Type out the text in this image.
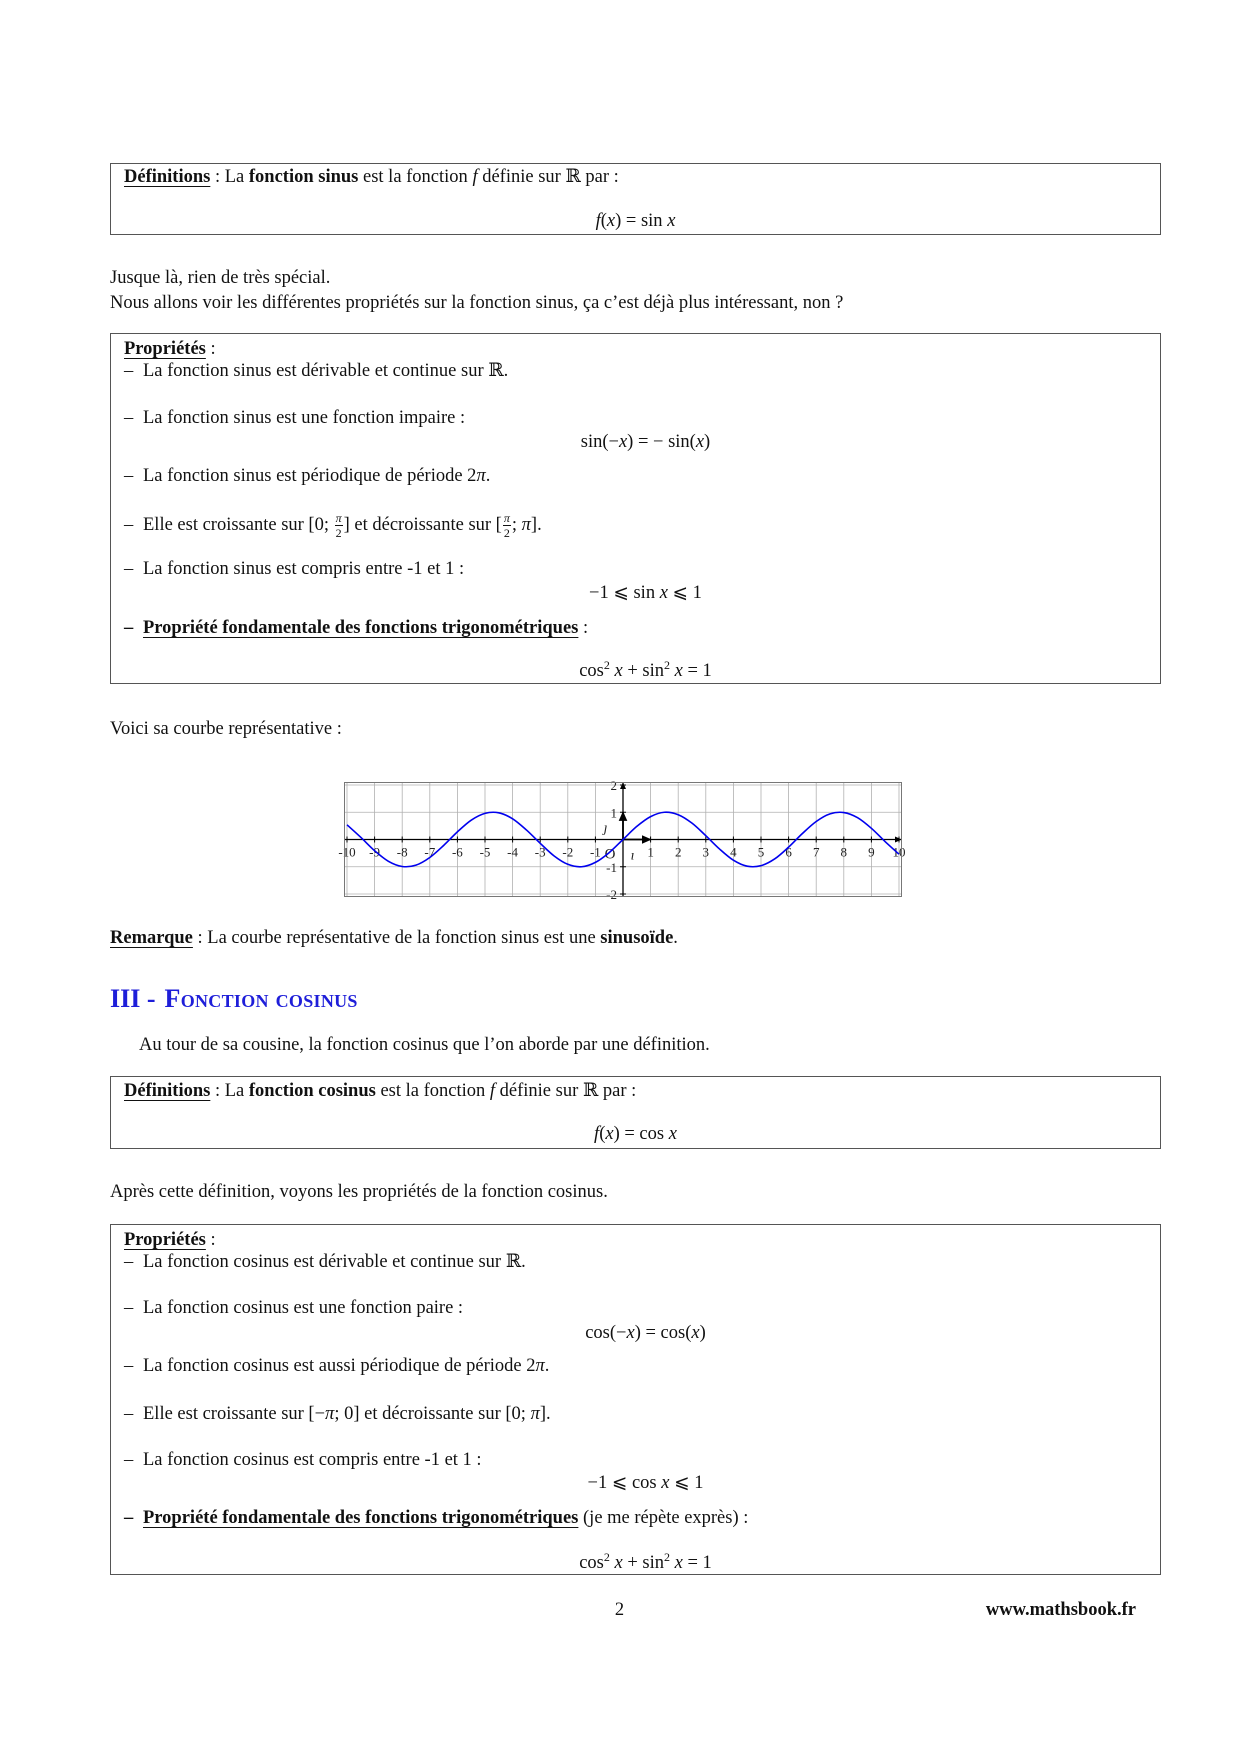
Définitions : La fonction sinus est la fonction f définie sur ℝ par :
f(x) = sin x

Jusque là, rien de très spécial.

Nous allons voir les différentes propriétés sur la fonction sinus, ça c’est déjà plus intéressant, non ?

Propriétés :
– La fonction sinus est dérivable et continue sur ℝ.
– La fonction sinus est une fonction impaire :
sin(−x) = − sin(x)
– La fonction sinus est périodique de période 2π.
– Elle est croissante sur [0; $\frac{\pi}{2}$ ] et décroissante sur [ $\frac{\pi}{2}$ ; π].
– La fonction sinus est compris entre -1 et 1 :
−1 ⩽ sin x ⩽ 1
– Propriété fondamentale des fonctions trigonométriques :
$\cos^2 x + \sin^2 x = 1$

Voici sa courbe représentative :

-10 -9 -8 -7 -6 -5 -4 -3 -2 -1	1 2 3 4 5 6 7 8 9 10
-2
-1
1
2
O ı⃗
ȷ⃗

Remarque : La courbe représentative de la fonction sinus est une sinusoïde.

III - Fonction cosinus

Au tour de sa cousine, la fonction cosinus que l’on aborde par une définition.

Définitions : La fonction cosinus est la fonction f définie sur ℝ par :
f(x) = cos x

Après cette définition, voyons les propriétés de la fonction cosinus.

Propriétés :
– La fonction cosinus est dérivable et continue sur ℝ.
– La fonction cosinus est une fonction paire :
cos(−x) = cos(x)
– La fonction cosinus est aussi périodique de période 2π.
– Elle est croissante sur [−π; 0] et décroissante sur [0; π].
– La fonction cosinus est compris entre -1 et 1 :
−1 ⩽ cos x ⩽ 1
– Propriété fondamentale des fonctions trigonométriques (je me répète exprès) :
$\cos^2 x + \sin^2 x = 1$
2	www.mathsbook.fr
